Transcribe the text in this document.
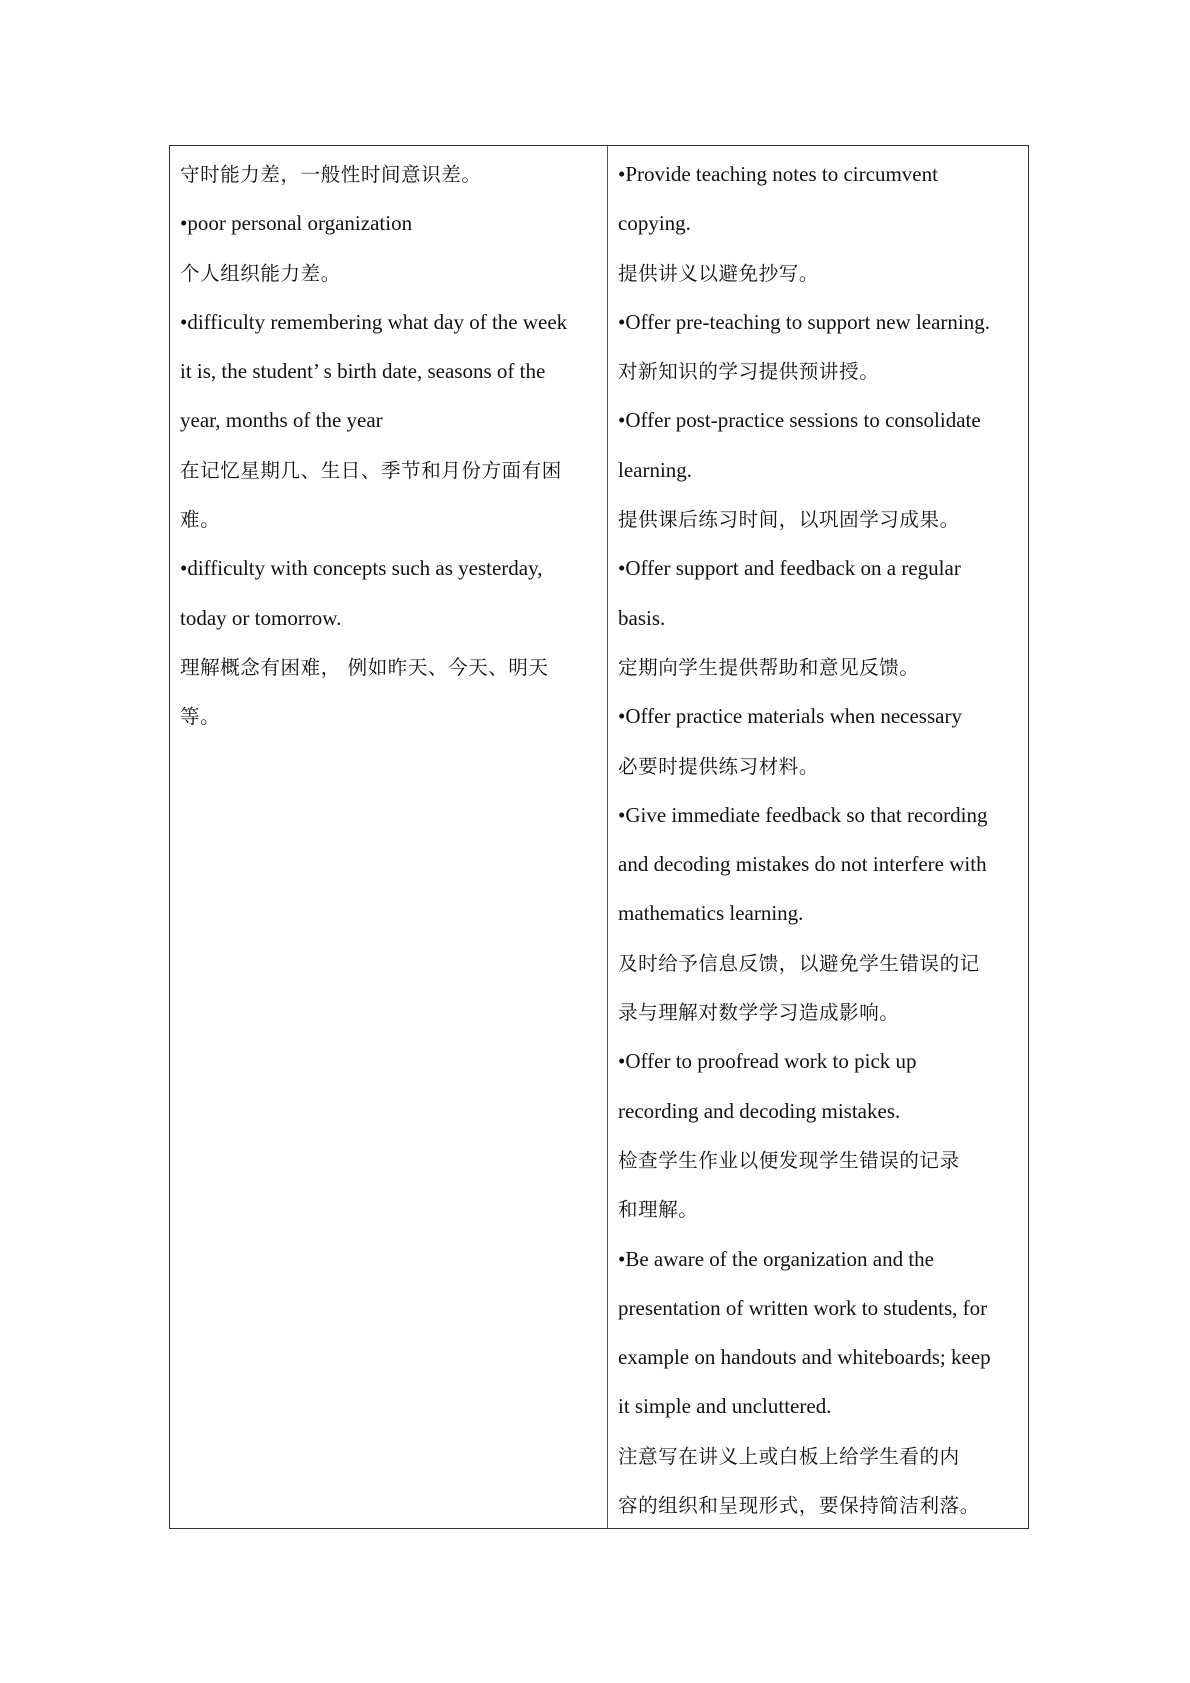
守时能力差，一般性时间意识差。
•poor personal organization
个人组织能力差。
•difficulty remembering what day of the week
it is, the student’ s birth date, seasons of the
year, months of the year
在记忆星期几、生日、季节和月份方面有困
难。
•difficulty with concepts such as yesterday,
today or tomorrow.
理解概念有困难， 例如昨天、今天、明天
等。
•Provide teaching notes to circumvent
copying.
提供讲义以避免抄写。
•Offer pre-teaching to support new learning.
对新知识的学习提供预讲授。
•Offer post-practice sessions to consolidate
learning.
提供课后练习时间，以巩固学习成果。
•Offer support and feedback on a regular
basis.
定期向学生提供帮助和意见反馈。
•Offer practice materials when necessary
必要时提供练习材料。
•Give immediate feedback so that recording
and decoding mistakes do not interfere with
mathematics learning.
及时给予信息反馈，以避免学生错误的记
录与理解对数学学习造成影响。
•Offer to proofread work to pick up
recording and decoding mistakes.
检查学生作业以便发现学生错误的记录
和理解。
•Be aware of the organization and the
presentation of written work to students, for
example on handouts and whiteboards; keep
it simple and uncluttered.
注意写在讲义上或白板上给学生看的内
容的组织和呈现形式，要保持简洁利落。
